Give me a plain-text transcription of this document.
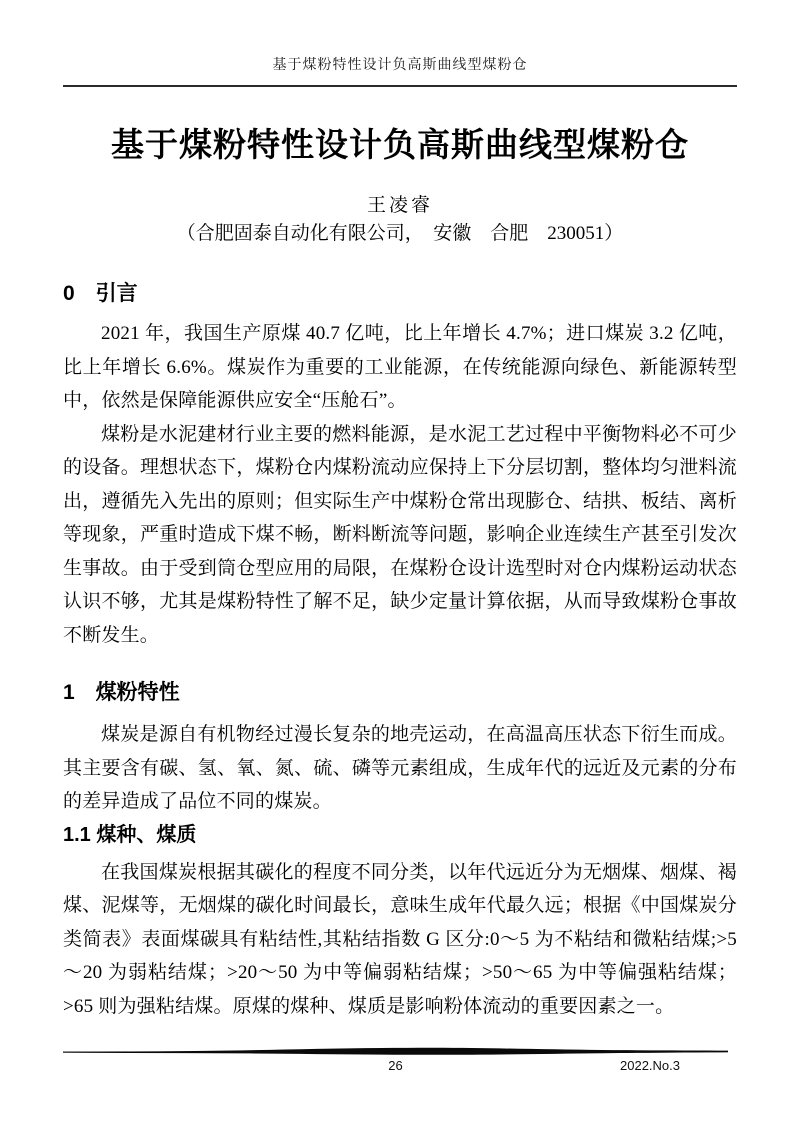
基于煤粉特性设计负高斯曲线型煤粉仓
基于煤粉特性设计负高斯曲线型煤粉仓
王凌睿
（合肥固泰自动化有限公司，　安徽　合肥　230051）
0　引言

2021 年，我国生产原煤 40.7 亿吨，比上年增长 4.7%；进口煤炭 3.2 亿吨，比上年增长 6.6%。煤炭作为重要的工业能源，在传统能源向绿色、新能源转型中，依然是保障能源供应安全“压舱石”。

煤粉是水泥建材行业主要的燃料能源，是水泥工艺过程中平衡物料必不可少的设备。理想状态下，煤粉仓内煤粉流动应保持上下分层切割，整体均匀泄料流出，遵循先入先出的原则；但实际生产中煤粉仓常出现膨仓、结拱、板结、离析等现象，严重时造成下煤不畅，断料断流等问题，影响企业连续生产甚至引发次生事故。由于受到筒仓型应用的局限，在煤粉仓设计选型时对仓内煤粉运动状态认识不够，尤其是煤粉特性了解不足，缺少定量计算依据，从而导致煤粉仓事故不断发生。

1　煤粉特性

煤炭是源自有机物经过漫长复杂的地壳运动，在高温高压状态下衍生而成。其主要含有碳、氢、氧、氮、硫、磷等元素组成，生成年代的远近及元素的分布的差异造成了品位不同的煤炭。

1.1 煤种、煤质

在我国煤炭根据其碳化的程度不同分类，以年代远近分为无烟煤、烟煤、褐煤、泥煤等，无烟煤的碳化时间最长，意味生成年代最久远；根据《中国煤炭分类简表》表面煤碳具有粘结性,其粘结指数 G 区分:0～5 为不粘结和微粘结煤;>5～20 为弱粘结煤；>20～50 为中等偏弱粘结煤；>50～65 为中等偏强粘结煤；>65 则为强粘结煤。原煤的煤种、煤质是影响粉体流动的重要因素之一。

26	2022.No.3
